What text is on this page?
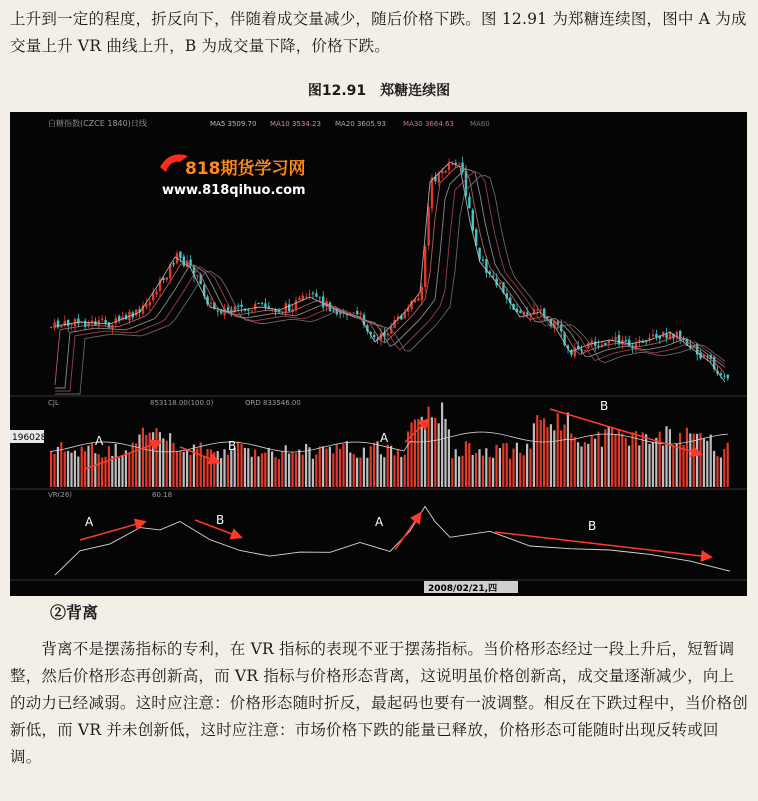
上升到一定的程度，折反向下，伴随着成交量减少，随后价格下跌。图 12.91 为郑糖连续图，图中 A 为成交量上升 VR 曲线上升，B 为成交量下降，价格下跌。
图12.91　郑糖连续图
白糖指数(CZCE 1840)日线	MA5 3509.70 MA10 3534.23 MA20 3605.93 MA30 3664.63 MA60
818期货学习网
www.818qihuo.com
CJL	853118.00(100.0)	ORD 833546.00
196028
VR(26)	60.18
2008/02/21,四
A	B
A
B
A	B	A	B
②背离
　　背离不是摆荡指标的专利，在 VR 指标的表现不亚于摆荡指标。当价格形态经过一段上升后，短暂调整，然后价格形态再创新高，而 VR 指标与价格形态背离，这说明虽价格创新高，成交量逐渐减少，向上的动力已经减弱。这时应注意：价格形态随时折反，最起码也要有一波调整。相反在下跌过程中，当价格创新低，而 VR 并未创新低，这时应注意：市场价格下跌的能量已释放，价格形态可能随时出现反转或回调。
